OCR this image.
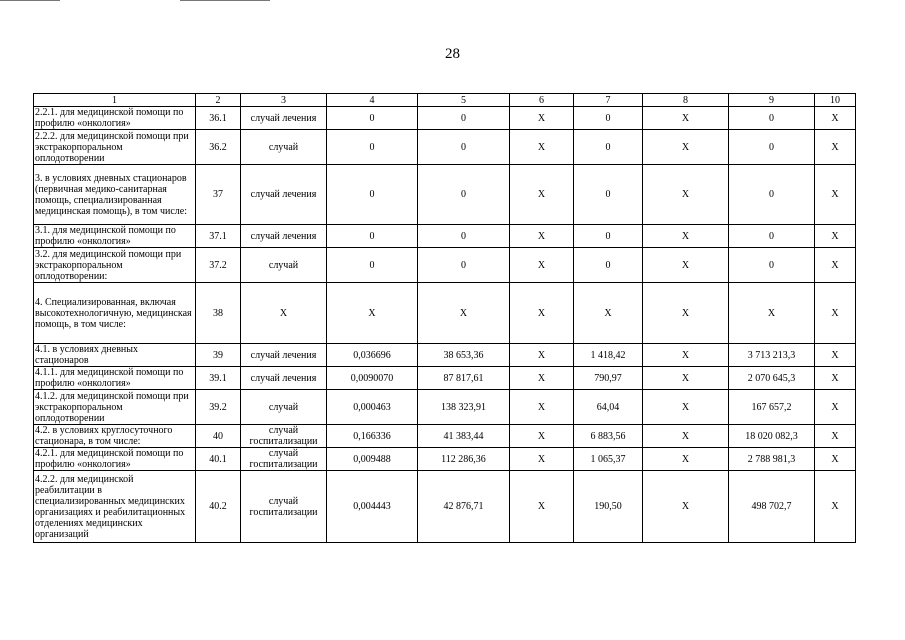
28
1	2	3	4	5	6	7	8	9	10
2.2.1. для медицинской помощи по профилю «онкология»	36.1	случай лечения	0	0	X	0	X	0	X
2.2.2. для медицинской помощи при экстракорпоральном оплодотворении	36.2	случай	0	0	X	0	X	0	X
3. в условиях дневных стационаров (первичная медико-санитарная помощь, специализированная медицинская помощь), в том числе:	37	случай лечения	0	0	X	0	X	0	X
3.1. для медицинской помощи по профилю «онкология»	37.1	случай лечения	0	0	X	0	X	0	X
3.2. для медицинской помощи при экстракорпоральном оплодотворении:	37.2	случай	0	0	X	0	X	0	X
4. Специализированная, включая высокотехнологичную, медицинская помощь, в том числе:	38	X	X	X	X	X	X	X	X
4.1. в условиях дневных стационаров	39	случай лечения	0,036696	38 653,36	X	1 418,42	X	3 713 213,3	X
4.1.1. для медицинской помощи по профилю «онкология»	39.1	случай лечения	0,0090070	87 817,61	X	790,97	X	2 070 645,3	X
4.1.2. для медицинской помощи при экстракорпоральном оплодотворении	39.2	случай	0,000463	138 323,91	X	64,04	X	167 657,2	X
4.2. в условиях круглосуточного стационара, в том числе:	40	случай госпитализации	0,166336	41 383,44	X	6 883,56	X	18 020 082,3	X
4.2.1. для медицинской помощи по профилю «онкология»	40.1	случай госпитализации	0,009488	112 286,36	X	1 065,37	X	2 788 981,3	X
4.2.2. для медицинской реабилитации в специализированных медицинских организациях и реабилитационных отделениях медицинских организаций	40.2	случай госпитализации	0,004443	42 876,71	X	190,50	X	498 702,7	X
